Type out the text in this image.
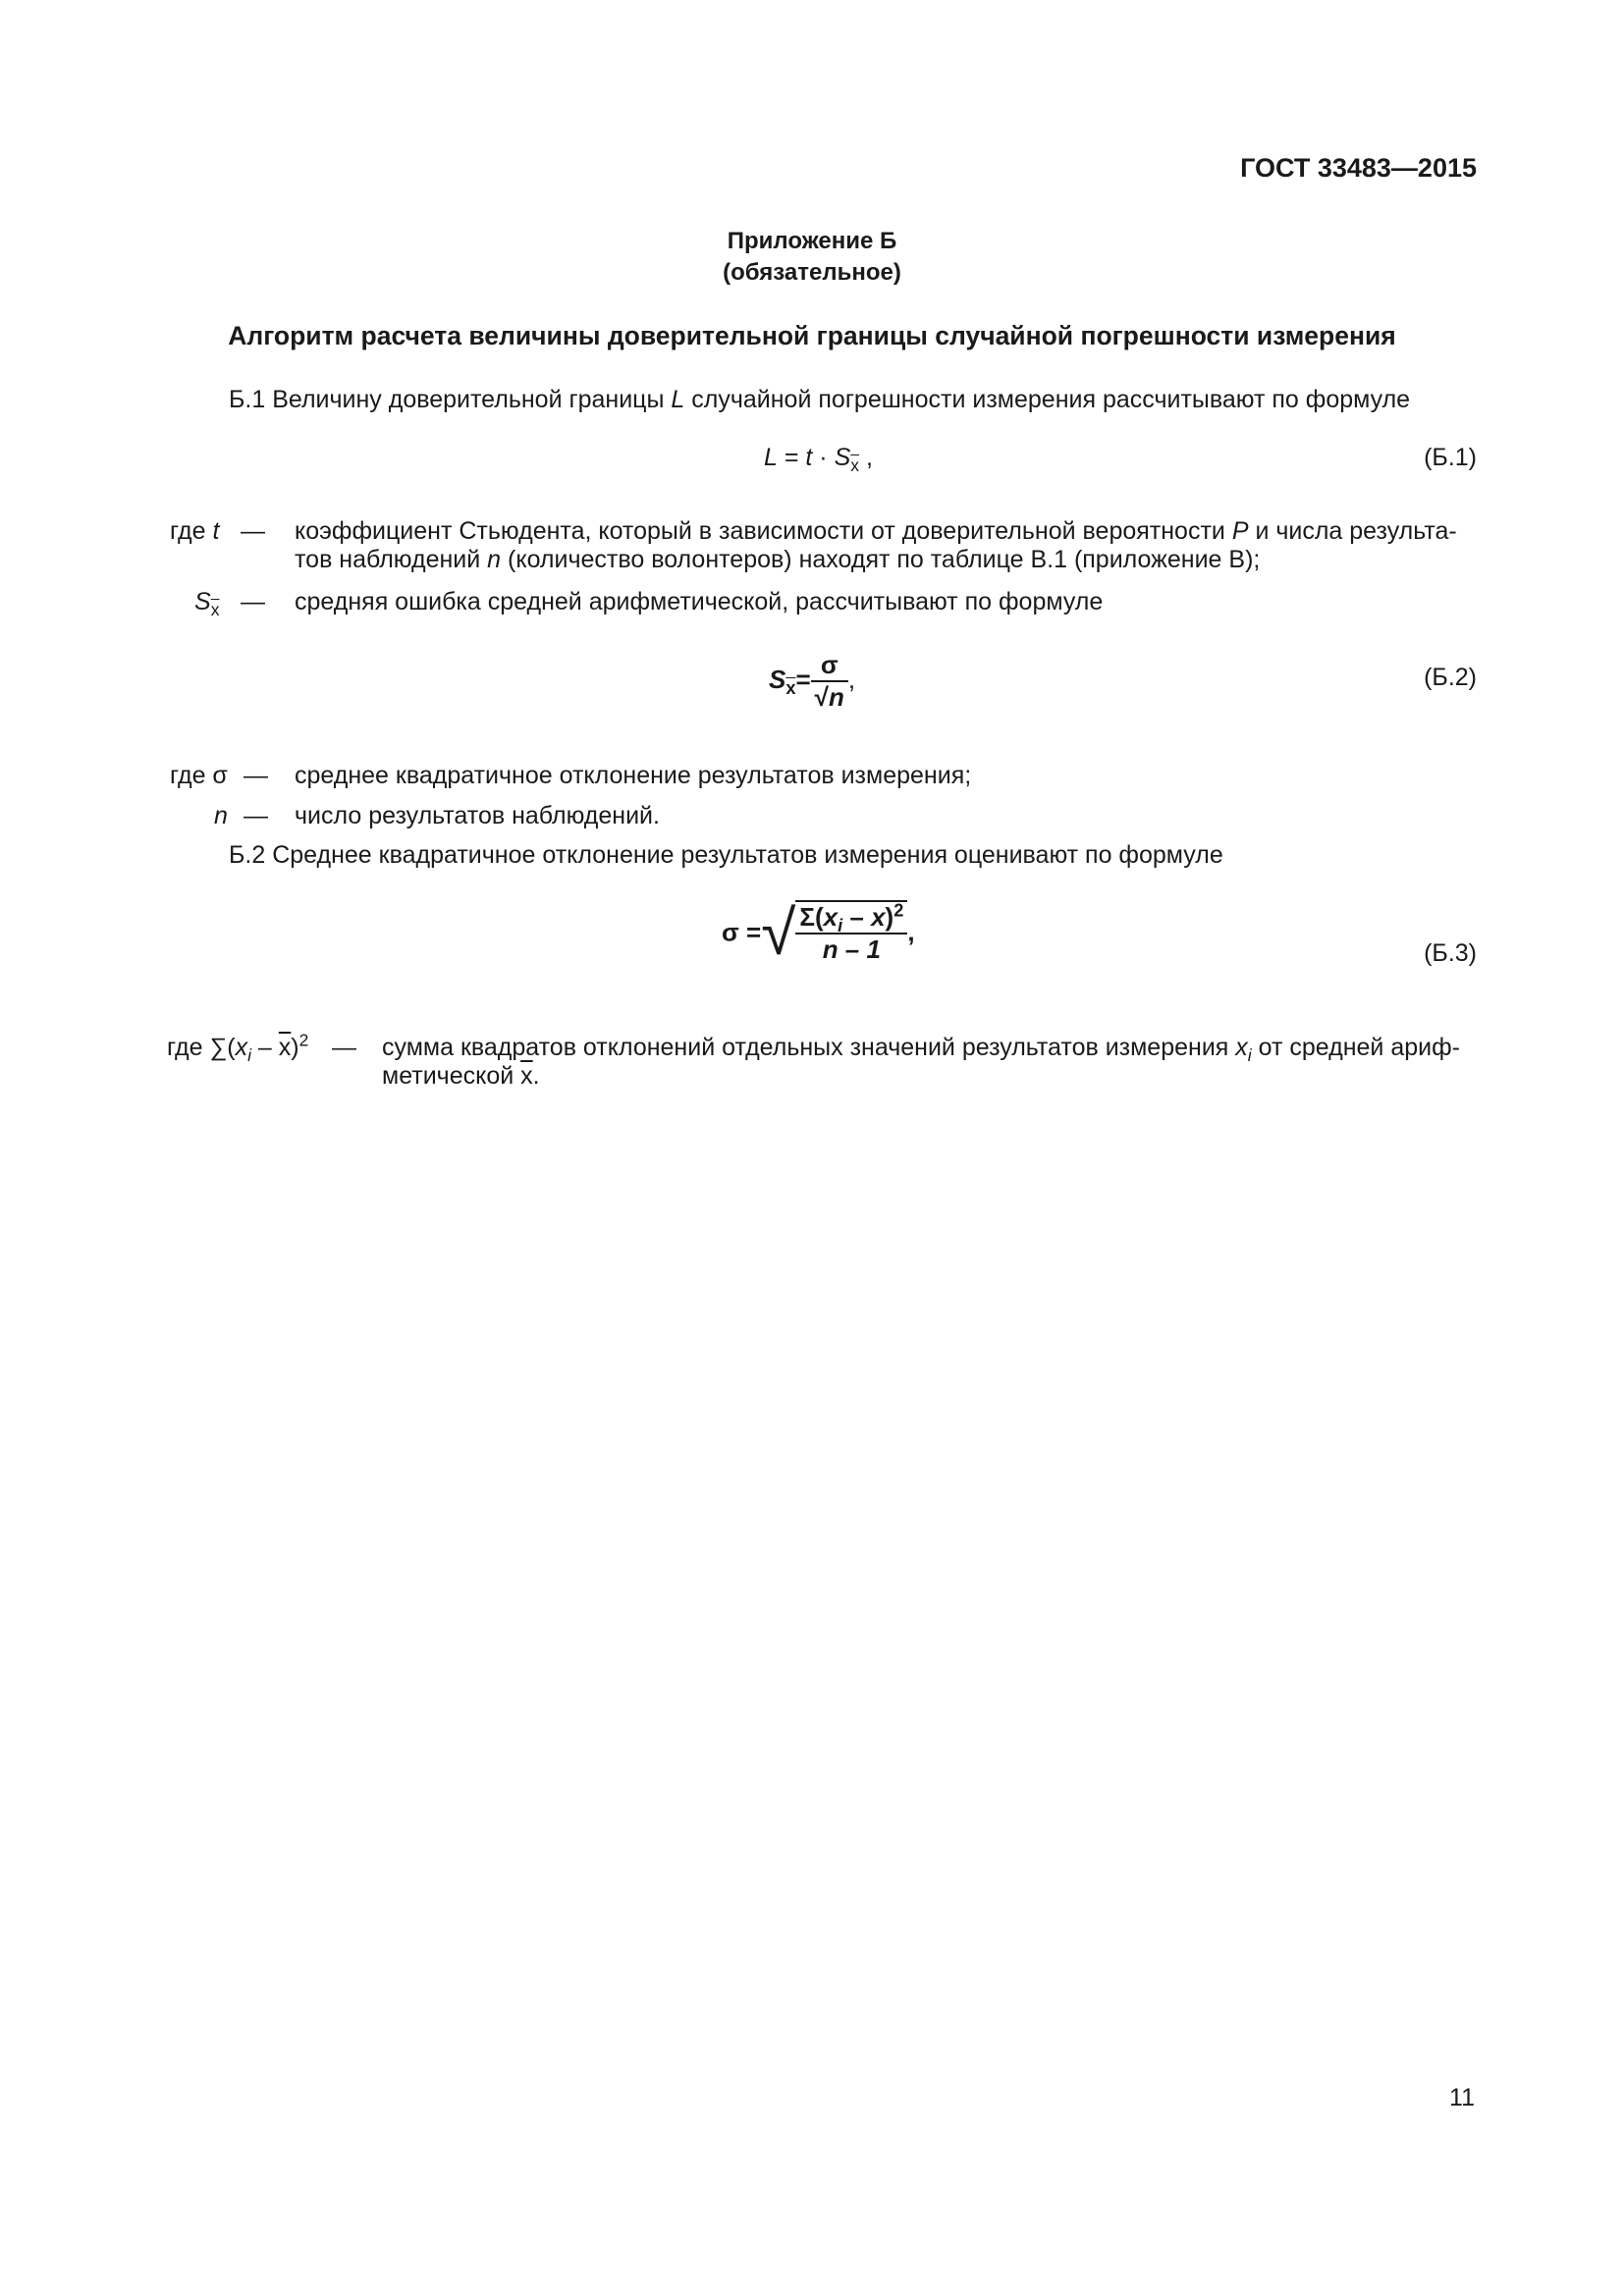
ГОСТ 33483—2015
Приложение Б
(обязательное)
Алгоритм расчета величины доверительной границы случайной погрешности измерения
Б.1 Величину доверительной границы L случайной погрешности измерения рассчитывают по формуле
$L = t \cdot S_{\overline{x}}$ ,	(Б.1)
где t — коэффициент Стьюдента, который в зависимости от доверительной вероятности P и числа результа-
тов наблюдений n (количество волонтеров) находят по таблице В.1 (приложение В);
$S_{\overline{x}}$ — средняя ошибка средней арифметической, рассчитывают по формуле
$S_{\overline{x}}= \frac{\sigma}{√n}$ ,	(Б.2)
где σ — среднее квадратичное отклонение результатов измерения;
n — число результатов наблюдений.
Б.2 Среднее квадратичное отклонение результатов измерения оценивают по формуле
σ =√ $\frac{\Sigma(x_i - \overline{x})^2}{n - 1}$ ,
(Б.3)
где $\sum(x_i - \overline{x})^2$ — сумма квадратов отклонений отдельных значений результатов измерения $x_i$ от средней ариф-
метической $\overline{x}$.
11
